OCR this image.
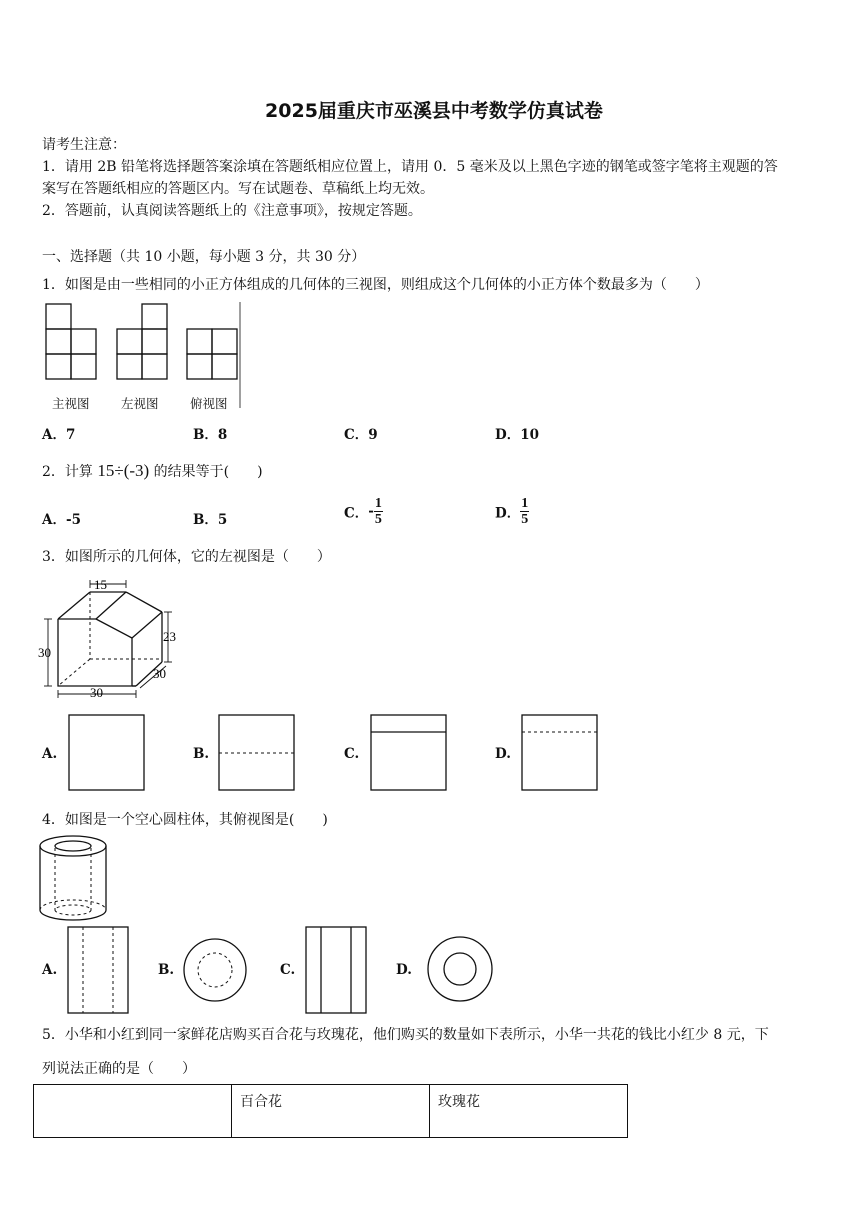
2025届重庆市巫溪县中考数学仿真试卷
请考生注意：
1．请用 2B 铅笔将选择题答案涂填在答题纸相应位置上，请用 0．5 毫米及以上黑色字迹的钢笔或签字笔将主观题的答
案写在答题纸相应的答题区内。写在试题卷、草稿纸上均无效。
2．答题前，认真阅读答题纸上的《注意事项》，按规定答题。
一、选择题（共 10 小题，每小题 3 分，共 30 分）
1．如图是由一些相同的小正方体组成的几何体的三视图，则组成这个几何体的小正方体个数最多为（　　）
主视图	左视图	俯视图
A．7	B．8	C．9	D．10
2．计算 15÷(-3) 的结果等于(　　)
A．-5	B．5	C．- $\frac{1}{5}$	D． $\frac{1}{5}$
3．如图所示的几何体，它的左视图是（　　）
15
23
30
30
30
A.	B.	C.	D.
4．如图是一个空心圆柱体，其俯视图是(　　)
A.	B.	C.	D.
5．小华和小红到同一家鲜花店购买百合花与玫瑰花，他们购买的数量如下表所示，小华一共花的钱比小红少 8 元，下
列说法正确的是（　　）
	百合花	玫瑰花
